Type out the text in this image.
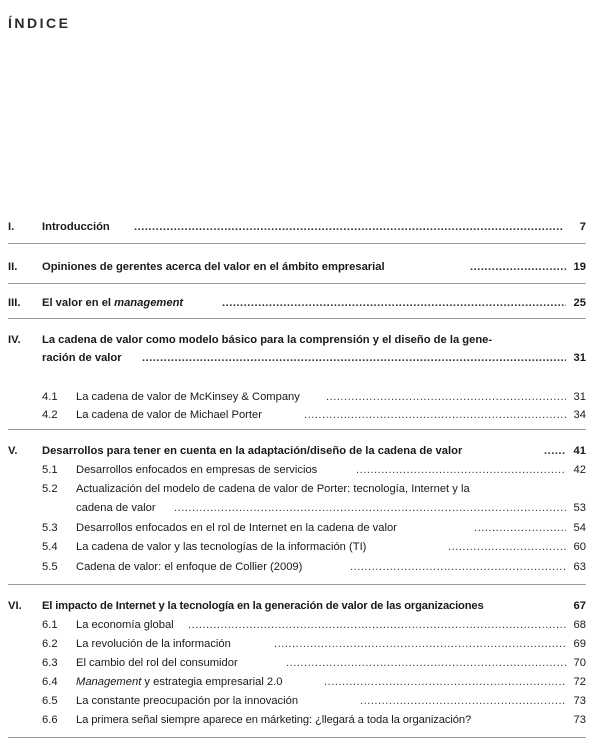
ÍNDICE
I. Introducción .....	7
II. Opiniones de gerentes acerca del valor en el ámbito empresarial .....	19
III. El valor en el management .....	25
IV. La cadena de valor como modelo básico para la comprensión y el diseño de la gene-
ración de valor .....	31
4.1 La cadena de valor de McKinsey & Company .....	31
4.2 La cadena de valor de Michael Porter .....	34
V. Desarrollos para tener en cuenta en la adaptación/diseño de la cadena de valor .....	41
5.1 Desarrollos enfocados en empresas de servicios .....	42
5.2 Actualización del modelo de cadena de valor de Porter: tecnología, Internet y la
cadena de valor .....	53
5.3 Desarrollos enfocados en el rol de Internet en la cadena de valor .....	54
5.4 La cadena de valor y las tecnologías de la información (TI) .....	60
5.5 Cadena de valor: el enfoque de Collier (2009) .....	63
VI. El impacto de Internet y la tecnología en la generación de valor de las organizaciones	67
6.1 La economía global .....	68
6.2 La revolución de la información .....	69
6.3 El cambio del rol del consumidor .....	70
6.4 Management y estrategia empresarial 2.0 .....	72
6.5 La constante preocupación por la innovación .....	73
6.6 La primera señal siempre aparece en márketing: ¿llegará a toda la organización?	73
